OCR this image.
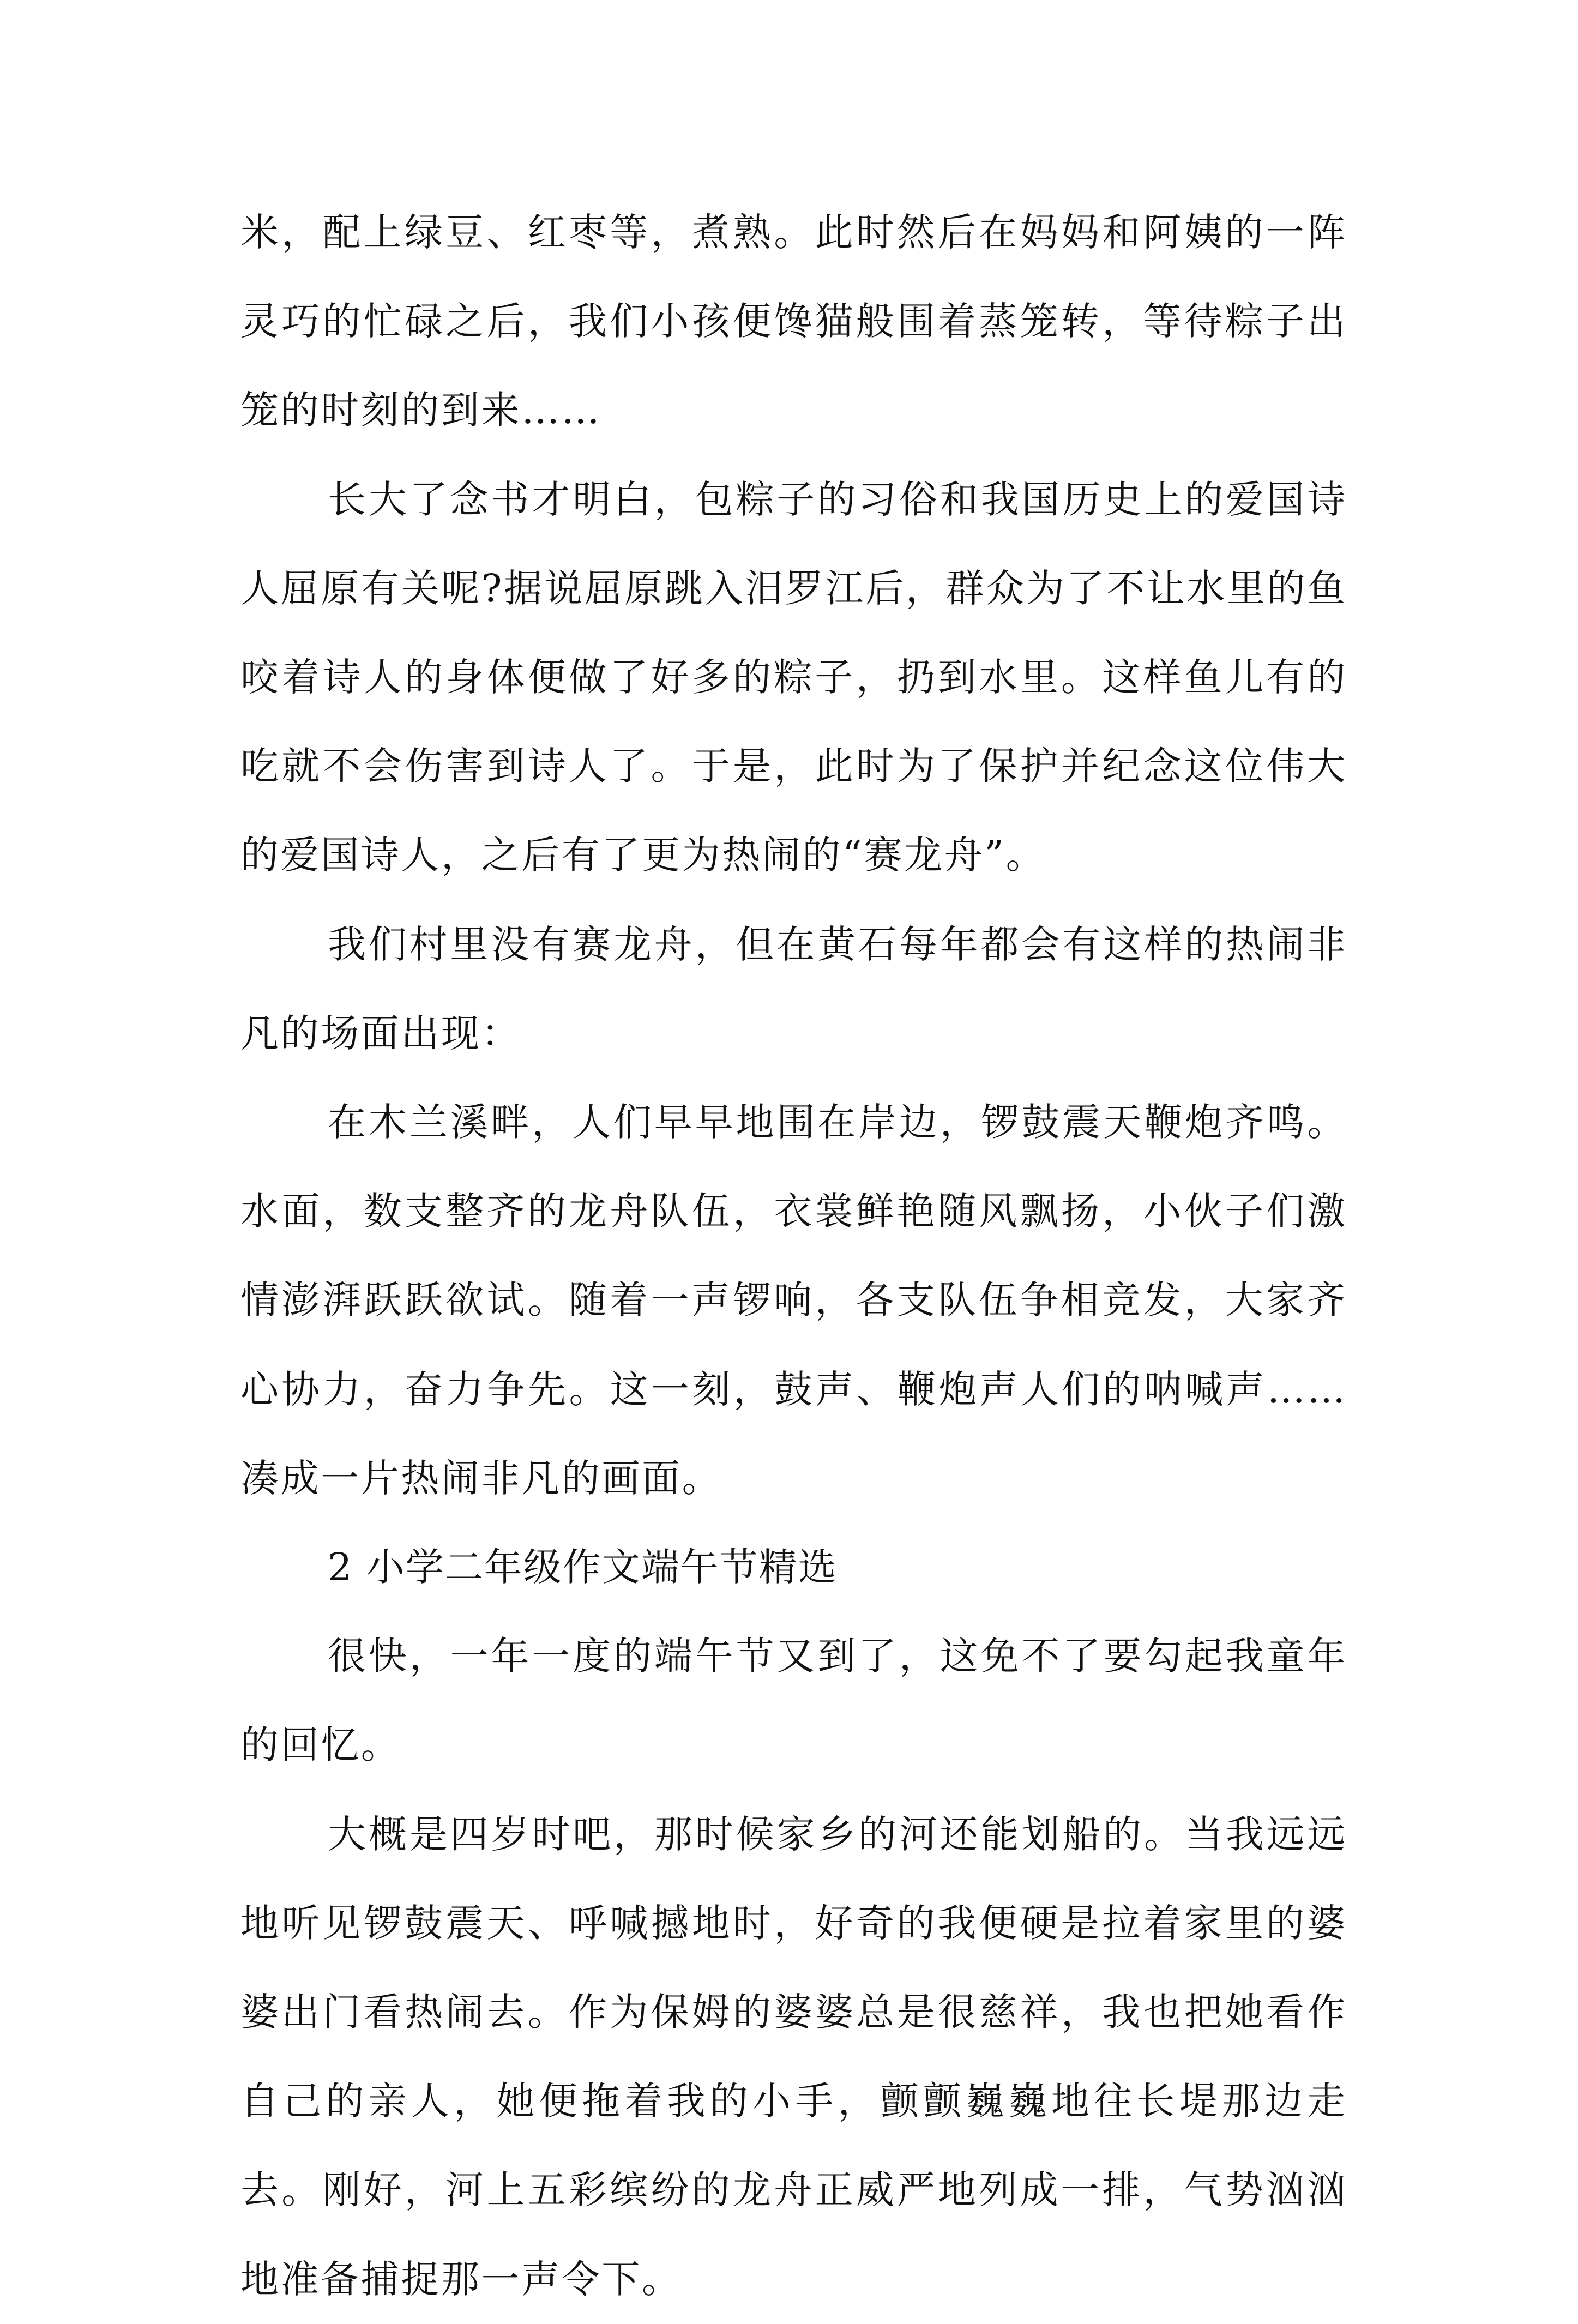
米，配上绿豆、红枣等，煮熟。此时然后在妈妈和阿姨的一阵灵巧的忙碌之后，我们小孩便馋猫般围着蒸笼转，等待粽子出笼的时刻的到来……

长大了念书才明白，包粽子的习俗和我国历史上的爱国诗人屈原有关呢?据说屈原跳入汨罗江后，群众为了不让水里的鱼咬着诗人的身体便做了好多的粽子，扔到水里。这样鱼儿有的吃就不会伤害到诗人了。于是，此时为了保护并纪念这位伟大的爱国诗人，之后有了更为热闹的“赛龙舟”。

我们村里没有赛龙舟，但在黄石每年都会有这样的热闹非凡的场面出现：

在木兰溪畔，人们早早地围在岸边，锣鼓震天鞭炮齐鸣。水面，数支整齐的龙舟队伍，衣裳鲜艳随风飘扬，小伙子们激情澎湃跃跃欲试。随着一声锣响，各支队伍争相竞发，大家齐心协力，奋力争先。这一刻，鼓声、鞭炮声人们的呐喊声……凑成一片热闹非凡的画面。

2 小学二年级作文端午节精选

很快，一年一度的端午节又到了，这免不了要勾起我童年的回忆。

大概是四岁时吧，那时候家乡的河还能划船的。当我远远地听见锣鼓震天、呼喊撼地时，好奇的我便硬是拉着家里的婆婆出门看热闹去。作为保姆的婆婆总是很慈祥，我也把她看作自己的亲人，她便拖着我的小手，颤颤巍巍地往长堤那边走去。刚好，河上五彩缤纷的龙舟正威严地列成一排，气势汹汹地准备捕捉那一声令下。
